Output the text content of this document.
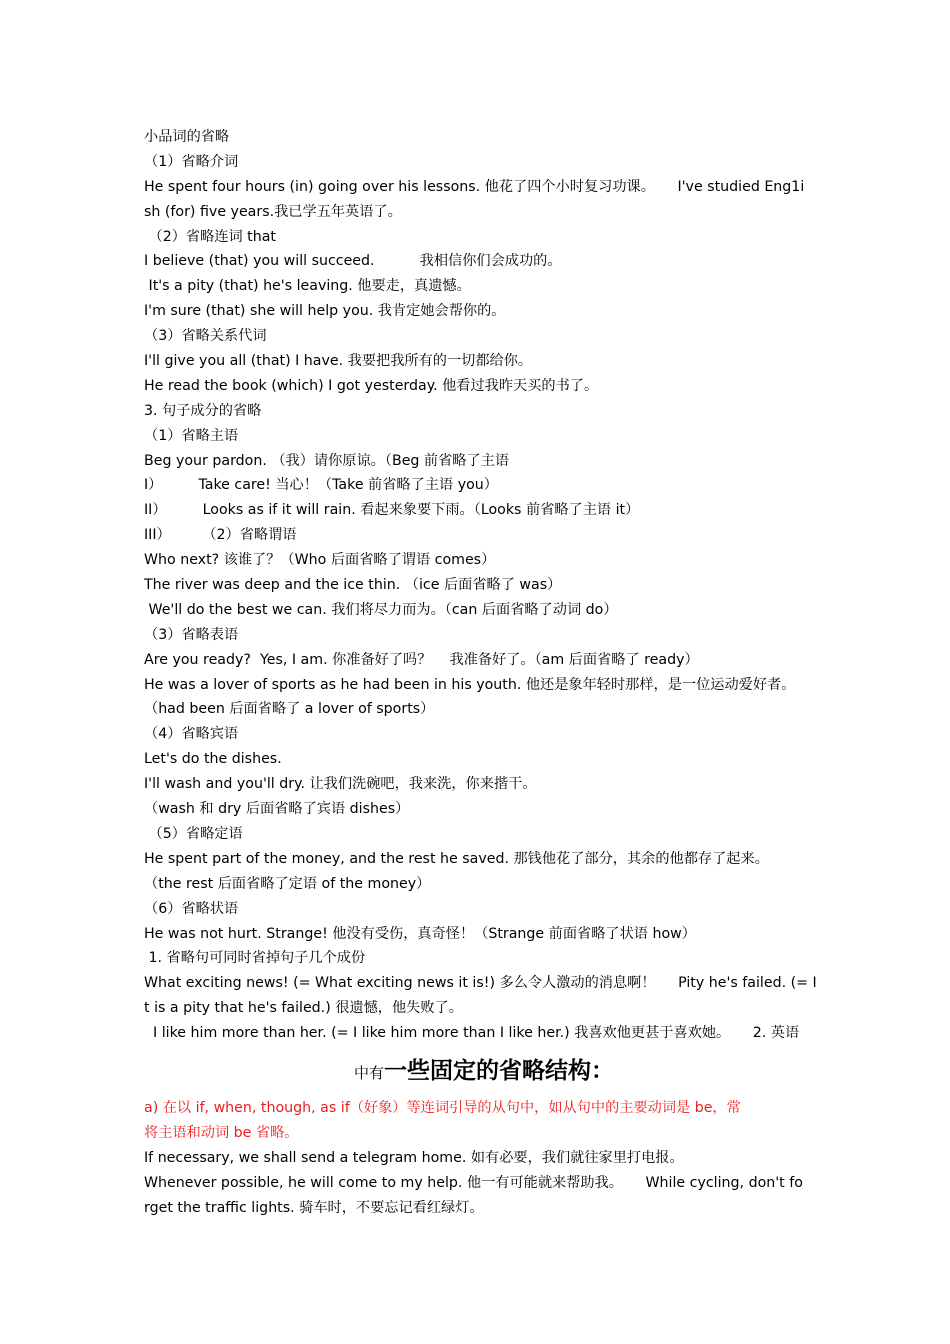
小品词的省略
（1）省略介词
He spent four hours (in) going over his lessons. 他花了四个小时复习功课。     I've studied Eng1i
sh (for) five years.我已学五年英语了。
（2）省略连词 that
I believe (that) you will succeed.          我相信你们会成功的。
It's a pity (that) he's leaving. 他要走，真遗憾。
I'm sure (that) she will help you. 我肯定她会帮你的。
（3）省略关系代词
I'll give you all (that) I have. 我要把我所有的一切都给你。
He read the book (which) I got yesterday. 他看过我昨天买的书了。
3. 句子成分的省略
（1）省略主语
Beg your pardon. （我）请你原谅。（Beg 前省略了主语
I）        Take care! 当心！（Take 前省略了主语 you）
II）        Looks as if it will rain. 看起来象要下雨。（Looks 前省略了主语 it）
III）       （2）省略谓语
Who next? 该谁了？（Who 后面省略了谓语 comes）
The river was deep and the ice thin. （ice 后面省略了 was）
We'll do the best we can. 我们将尽力而为。（can 后面省略了动词 do）
（3）省略表语
Are you ready?  Yes, I am. 你准备好了吗？    我准备好了。（am 后面省略了 ready）
He was a lover of sports as he had been in his youth. 他还是象年轻时那样，是一位运动爱好者。
（had been 后面省略了 a lover of sports）
（4）省略宾语
Let's do the dishes.
I'll wash and you'll dry. 让我们洗碗吧，我来洗，你来揩干。
（wash 和 dry 后面省略了宾语 dishes）
（5）省略定语
He spent part of the money, and the rest he saved. 那钱他花了部分，其余的他都存了起来。
（the rest 后面省略了定语 of the money）
（6）省略状语
He was not hurt. Strange! 他没有受伤，真奇怪！（Strange 前面省略了状语 how）
1. 省略句可同时省掉句子几个成份
What exciting news! (= What exciting news it is!) 多么令人激动的消息啊！     Pity he's failed. (= I
t is a pity that he's failed.) 很遗憾，他失败了。
I like him more than her. (= I like him more than I like her.) 我喜欢他更甚于喜欢她。     2. 英语
中有一些固定的省略结构：
a) 在以 if, when, though, as if（好象）等连词引导的从句中，如从句中的主要动词是 be，常
将主语和动词 be 省略。
If necessary, we shall send a telegram home. 如有必要，我们就往家里打电报。
Whenever possible, he will come to my help. 他一有可能就来帮助我。     While cycling, don't fo
rget the traffic lights. 骑车时，不要忘记看红绿灯。
